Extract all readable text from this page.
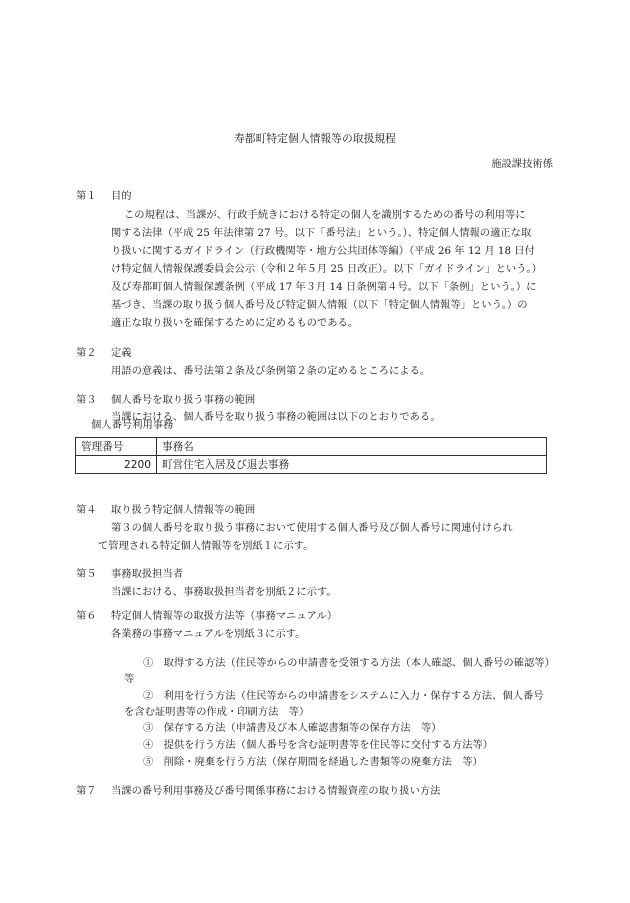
寿都町特定個人情報等の取扱規程
施設課技術係
第１ 目的
この規程は、当課が、行政手続きにおける特定の個人を識別するための番号の利用等に
関する法律（平成 25 年法律第 27 号。以下「番号法」という。）、特定個人情報の適正な取
り扱いに関するガイドライン（行政機関等・地方公共団体等編）（平成 26 年 12 月 18 日付
け特定個人情報保護委員会公示（令和２年５月 25 日改正）。以下「ガイドライン」という。）
及び寿都町個人情報保護条例（平成 17 年３月 14 日条例第４号。以下「条例」という。）に
基づき、当課の取り扱う個人番号及び特定個人情報（以下「特定個人情報等」という。）の
適正な取り扱いを確保するために定めるものである。
第２ 定義
用語の意義は、番号法第２条及び条例第２条の定めるところによる。
第３ 個人番号を取り扱う事務の範囲
当課における、個人番号を取り扱う事務の範囲は以下のとおりである。
個人番号利用事務
管理番号	事務名
2200	町営住宅入居及び退去事務
第４ 取り扱う特定個人情報等の範囲
第３の個人番号を取り扱う事務において使用する個人番号及び個人番号に関連付けられ
て管理される特定個人情報等を別紙１に示す。
第５ 事務取扱担当者
当課における、事務取扱担当者を別紙２に示す。
第６ 特定個人情報等の取扱方法等（事務マニュアル）
各業務の事務マニュアルを別紙３に示す。
①　取得する方法（住民等からの申請書を受領する方法（本人確認、個人番号の確認等）
等
②　利用を行う方法（住民等からの申請書をシステムに入力・保存する方法、個人番号
を含む証明書等の作成・印刷方法　等）
③　保存する方法（申請書及び本人確認書類等の保存方法　等）
④　提供を行う方法（個人番号を含む証明書等を住民等に交付する方法等）
⑤　削除・廃棄を行う方法（保存期間を経過した書類等の廃棄方法　等）
第７ 当課の番号利用事務及び番号関係事務における情報資産の取り扱い方法
